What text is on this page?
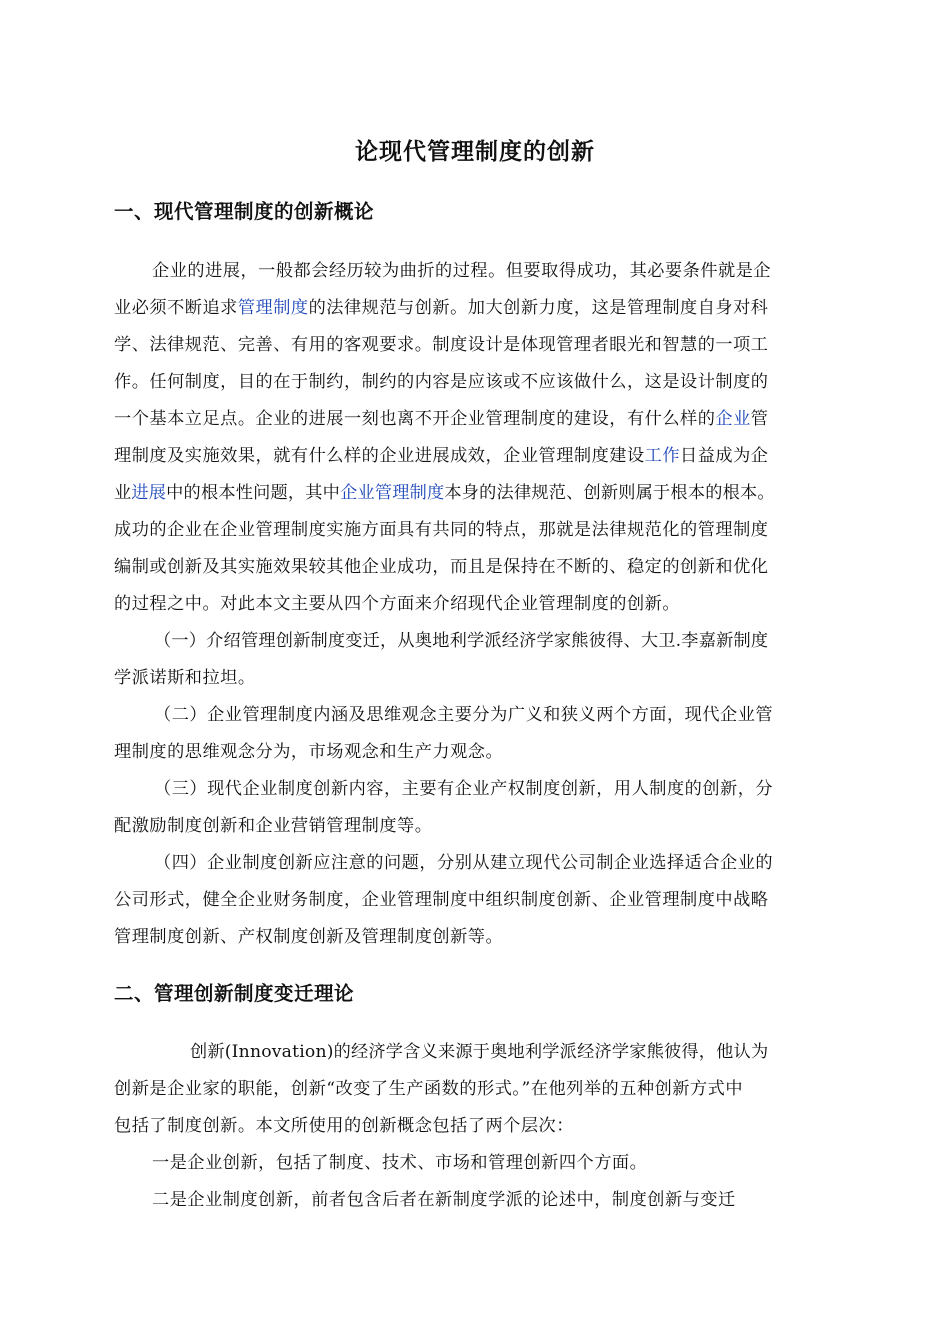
论现代管理制度的创新
一、现代管理制度的创新概论
企业的进展，一般都会经历较为曲折的过程。但要取得成功，其必要条件就是企
业必须不断追求管理制度的法律规范与创新。加大创新力度，这是管理制度自身对科
学、法律规范、完善、有用的客观要求。制度设计是体现管理者眼光和智慧的一项工
作。任何制度，目的在于制约，制约的内容是应该或不应该做什么，这是设计制度的
一个基本立足点。企业的进展一刻也离不开企业管理制度的建设，有什么样的企业管
理制度及实施效果，就有什么样的企业进展成效，企业管理制度建设工作日益成为企
业进展中的根本性问题，其中企业管理制度本身的法律规范、创新则属于根本的根本。
成功的企业在企业管理制度实施方面具有共同的特点，那就是法律规范化的管理制度
编制或创新及其实施效果较其他企业成功，而且是保持在不断的、稳定的创新和优化
的过程之中。对此本文主要从四个方面来介绍现代企业管理制度的创新。
（一）介绍管理创新制度变迁，从奥地利学派经济学家熊彼得、大卫.李嘉新制度
学派诺斯和拉坦。
（二）企业管理制度内涵及思维观念主要分为广义和狭义两个方面，现代企业管
理制度的思维观念分为，市场观念和生产力观念。
（三）现代企业制度创新内容，主要有企业产权制度创新，用人制度的创新，分
配激励制度创新和企业营销管理制度等。
（四）企业制度创新应注意的问题，分别从建立现代公司制企业选择适合企业的
公司形式，健全企业财务制度，企业管理制度中组织制度创新、企业管理制度中战略
管理制度创新、产权制度创新及管理制度创新等。
二、管理创新制度变迁理论
创新(Innovation)的经济学含义来源于奥地利学派经济学家熊彼得，他认为
创新是企业家的职能，创新“改变了生产函数的形式。”在他列举的五种创新方式中
包括了制度创新。本文所使用的创新概念包括了两个层次：
一是企业创新，包括了制度、技术、市场和管理创新四个方面。
二是企业制度创新，前者包含后者在新制度学派的论述中，制度创新与变迁
